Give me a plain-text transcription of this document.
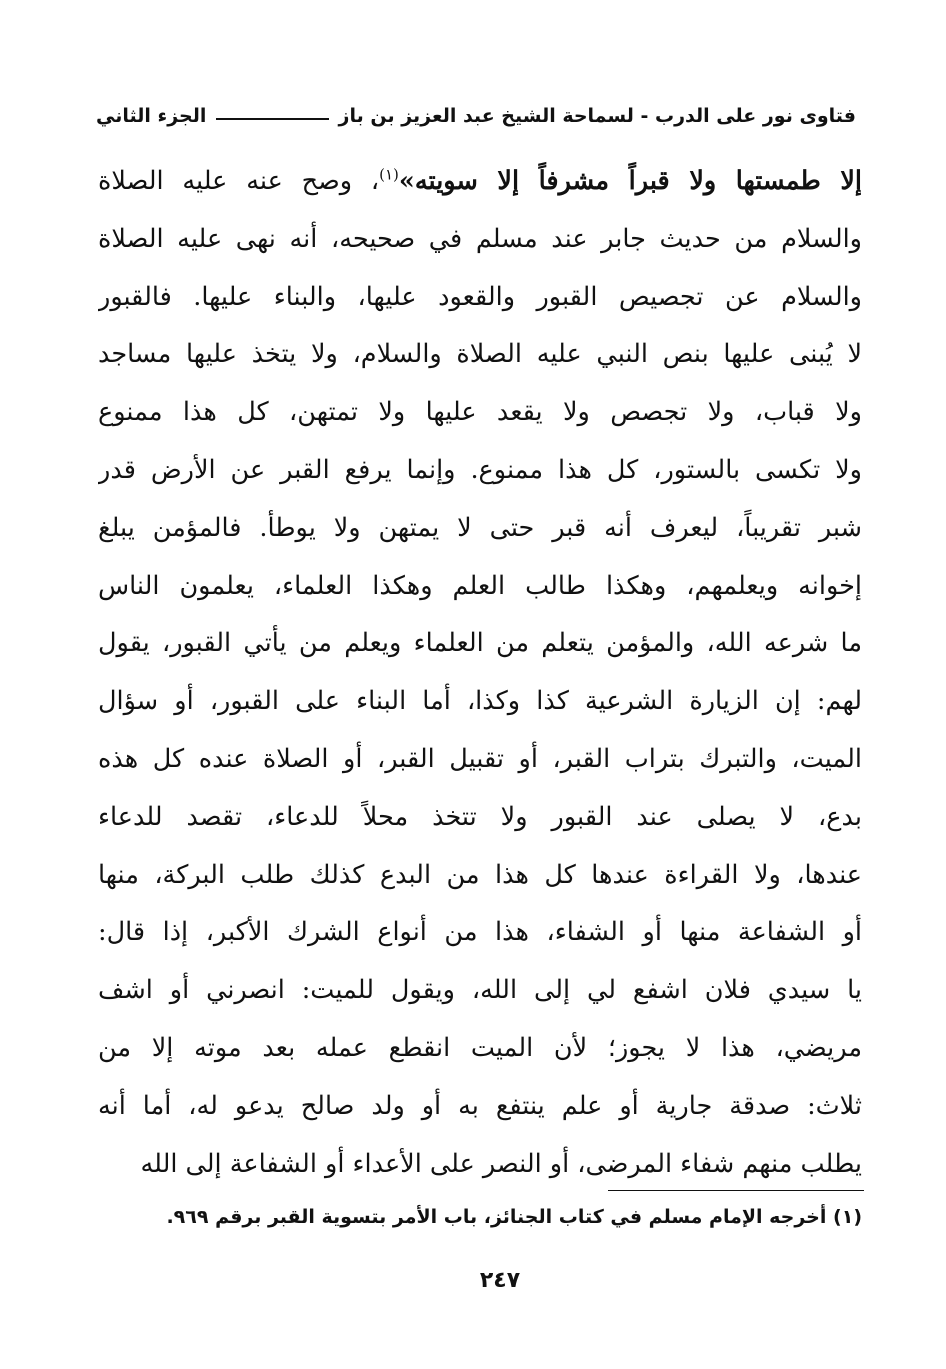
فتاوى نور على الدرب - لسماحة الشيخ عبد العزيز بن باز
الجزء الثاني
إلا طمستها ولا قبراً مشرفاً إلا سويته»$^{(١)}$، وصح عنه عليه الصلاة
والسلام من حديث جابر عند مسلم في صحيحه، أنه نهى عليه الصلاة
والسلام عن تجصيص القبور والقعود عليها، والبناء عليها. فالقبور
لا يُبنى عليها بنص النبي عليه الصلاة والسلام، ولا يتخذ عليها مساجد
ولا قباب، ولا تجصص ولا يقعد عليها ولا تمتهن، كل هذا ممنوع
ولا تكسى بالستور، كل هذا ممنوع. وإنما يرفع القبر عن الأرض قدر
شبر تقريباً، ليعرف أنه قبر حتى لا يمتهن ولا يوطأ. فالمؤمن يبلغ
إخوانه ويعلمهم، وهكذا طالب العلم وهكذا العلماء، يعلمون الناس
ما شرعه الله، والمؤمن يتعلم من العلماء ويعلم من يأتي القبور، يقول
لهم: إن الزيارة الشرعية كذا وكذا، أما البناء على القبور، أو سؤال
الميت، والتبرك بتراب القبر، أو تقبيل القبر، أو الصلاة عنده كل هذه
بدع، لا يصلى عند القبور ولا تتخذ محلاً للدعاء، تقصد للدعاء
عندها، ولا القراءة عندها كل هذا من البدع كذلك طلب البركة، منها
أو الشفاعة منها أو الشفاء، هذا من أنواع الشرك الأكبر، إذا قال:
يا سيدي فلان اشفع لي إلى الله، ويقول للميت: انصرني أو اشف
مريضي، هذا لا يجوز؛ لأن الميت انقطع عمله بعد موته إلا من
ثلاث: صدقة جارية أو علم ينتفع به أو ولد صالح يدعو له، أما أنه
يطلب منهم شفاء المرضى، أو النصر على الأعداء أو الشفاعة إلى الله
(١) أخرجه الإمام مسلم في كتاب الجنائز، باب الأمر بتسوية القبر برقم ٩٦٩.
٢٤٧
